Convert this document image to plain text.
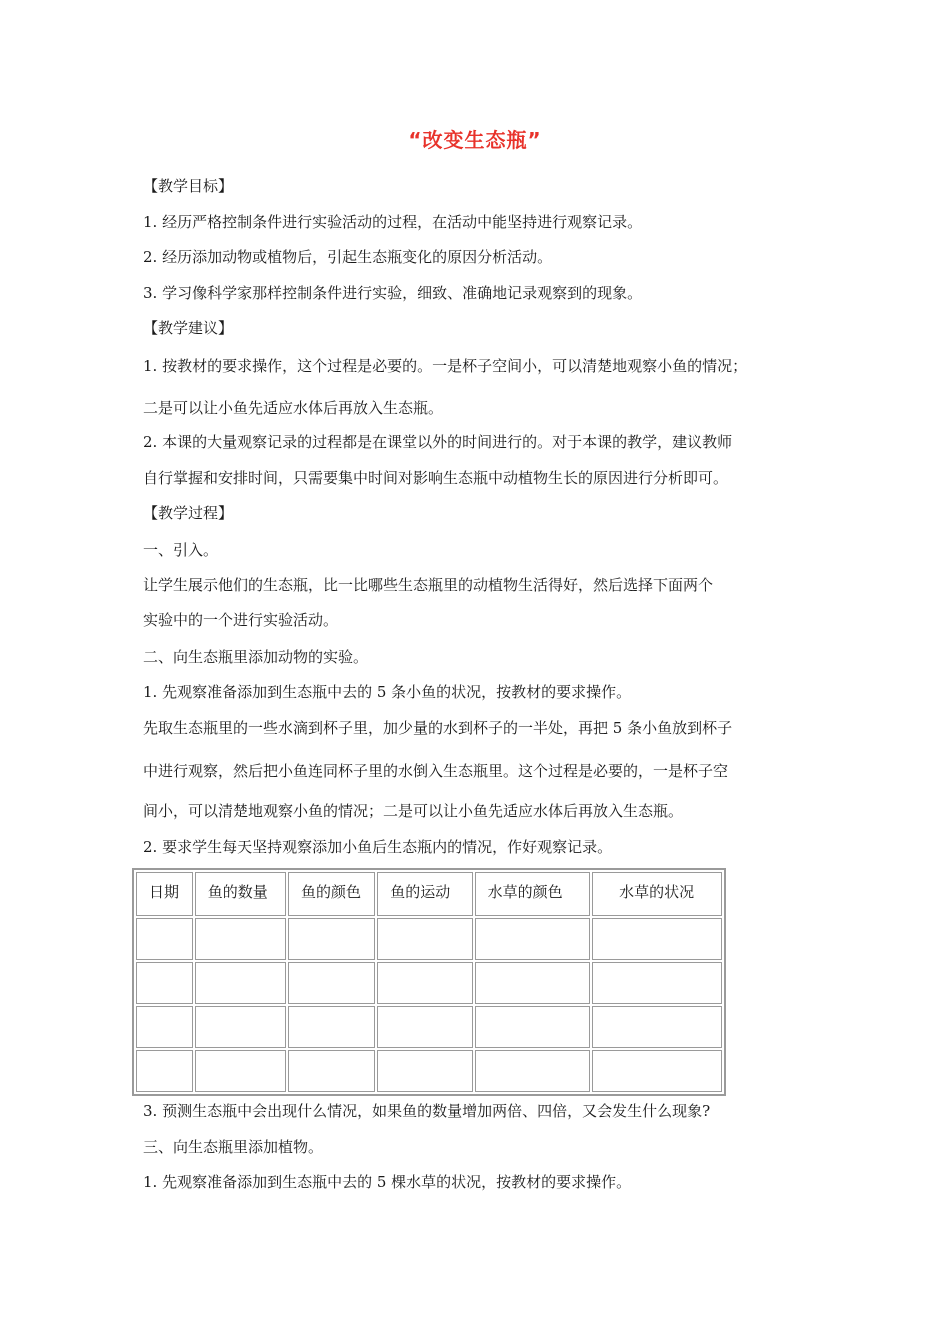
“改变生态瓶”
【教学目标】
1. 经历严格控制条件进行实验活动的过程，在活动中能坚持进行观察记录。
2. 经历添加动物或植物后，引起生态瓶变化的原因分析活动。
3. 学习像科学家那样控制条件进行实验，细致、准确地记录观察到的现象。
【教学建议】
1. 按教材的要求操作，这个过程是必要的。一是杯子空间小，可以清楚地观察小鱼的情况；
二是可以让小鱼先适应水体后再放入生态瓶。
2. 本课的大量观察记录的过程都是在课堂以外的时间进行的。对于本课的教学，建议教师
自行掌握和安排时间，只需要集中时间对影响生态瓶中动植物生长的原因进行分析即可。
【教学过程】
一、引入。
让学生展示他们的生态瓶，比一比哪些生态瓶里的动植物生活得好，然后选择下面两个
实验中的一个进行实验活动。
二、向生态瓶里添加动物的实验。
1. 先观察准备添加到生态瓶中去的 5 条小鱼的状况，按教材的要求操作。
先取生态瓶里的一些水滴到杯子里，加少量的水到杯子的一半处，再把 5 条小鱼放到杯子
中进行观察，然后把小鱼连同杯子里的水倒入生态瓶里。这个过程是必要的，一是杯子空
间小，可以清楚地观察小鱼的情况；二是可以让小鱼先适应水体后再放入生态瓶。
2. 要求学生每天坚持观察添加小鱼后生态瓶内的情况，作好观察记录。
日期	鱼的数量	鱼的颜色	鱼的运动	水草的颜色	水草的状况

3. 预测生态瓶中会出现什么情况，如果鱼的数量增加两倍、四倍，又会发生什么现象?
三、向生态瓶里添加植物。
1. 先观察准备添加到生态瓶中去的 5 棵水草的状况，按教材的要求操作。
